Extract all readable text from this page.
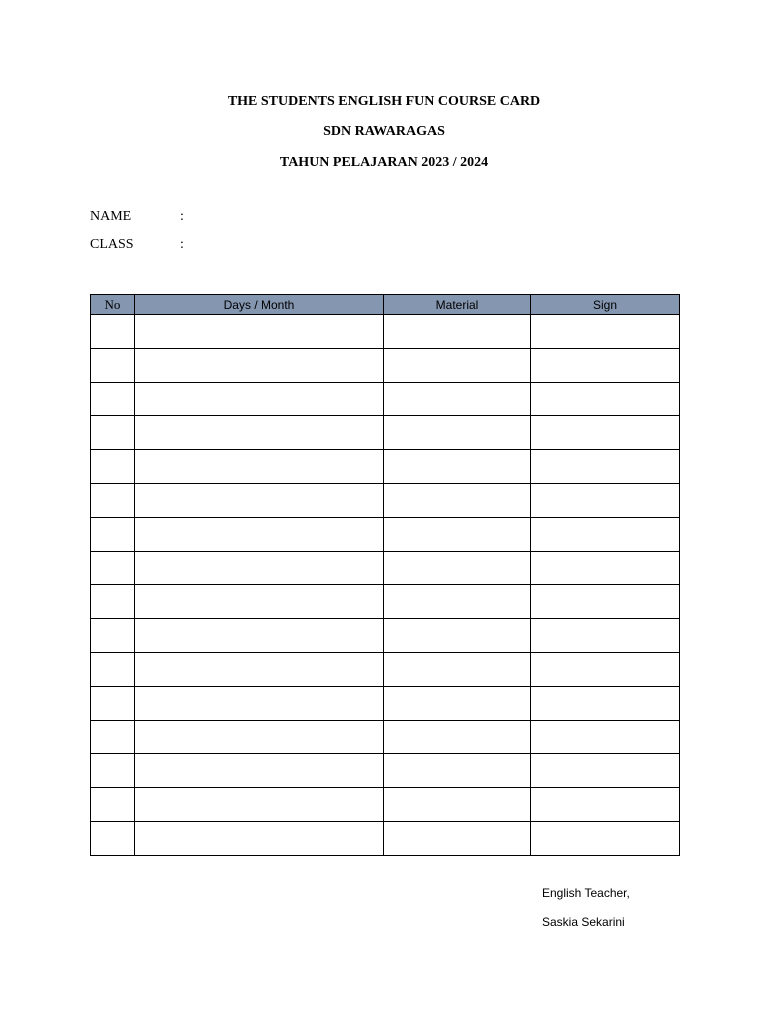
THE STUDENTS ENGLISH FUN COURSE CARD
SDN RAWARAGAS
TAHUN PELAJARAN 2023 / 2024
NAME	:
CLASS	:
No	Days / Month	Material	Sign

English Teacher,
Saskia Sekarini
